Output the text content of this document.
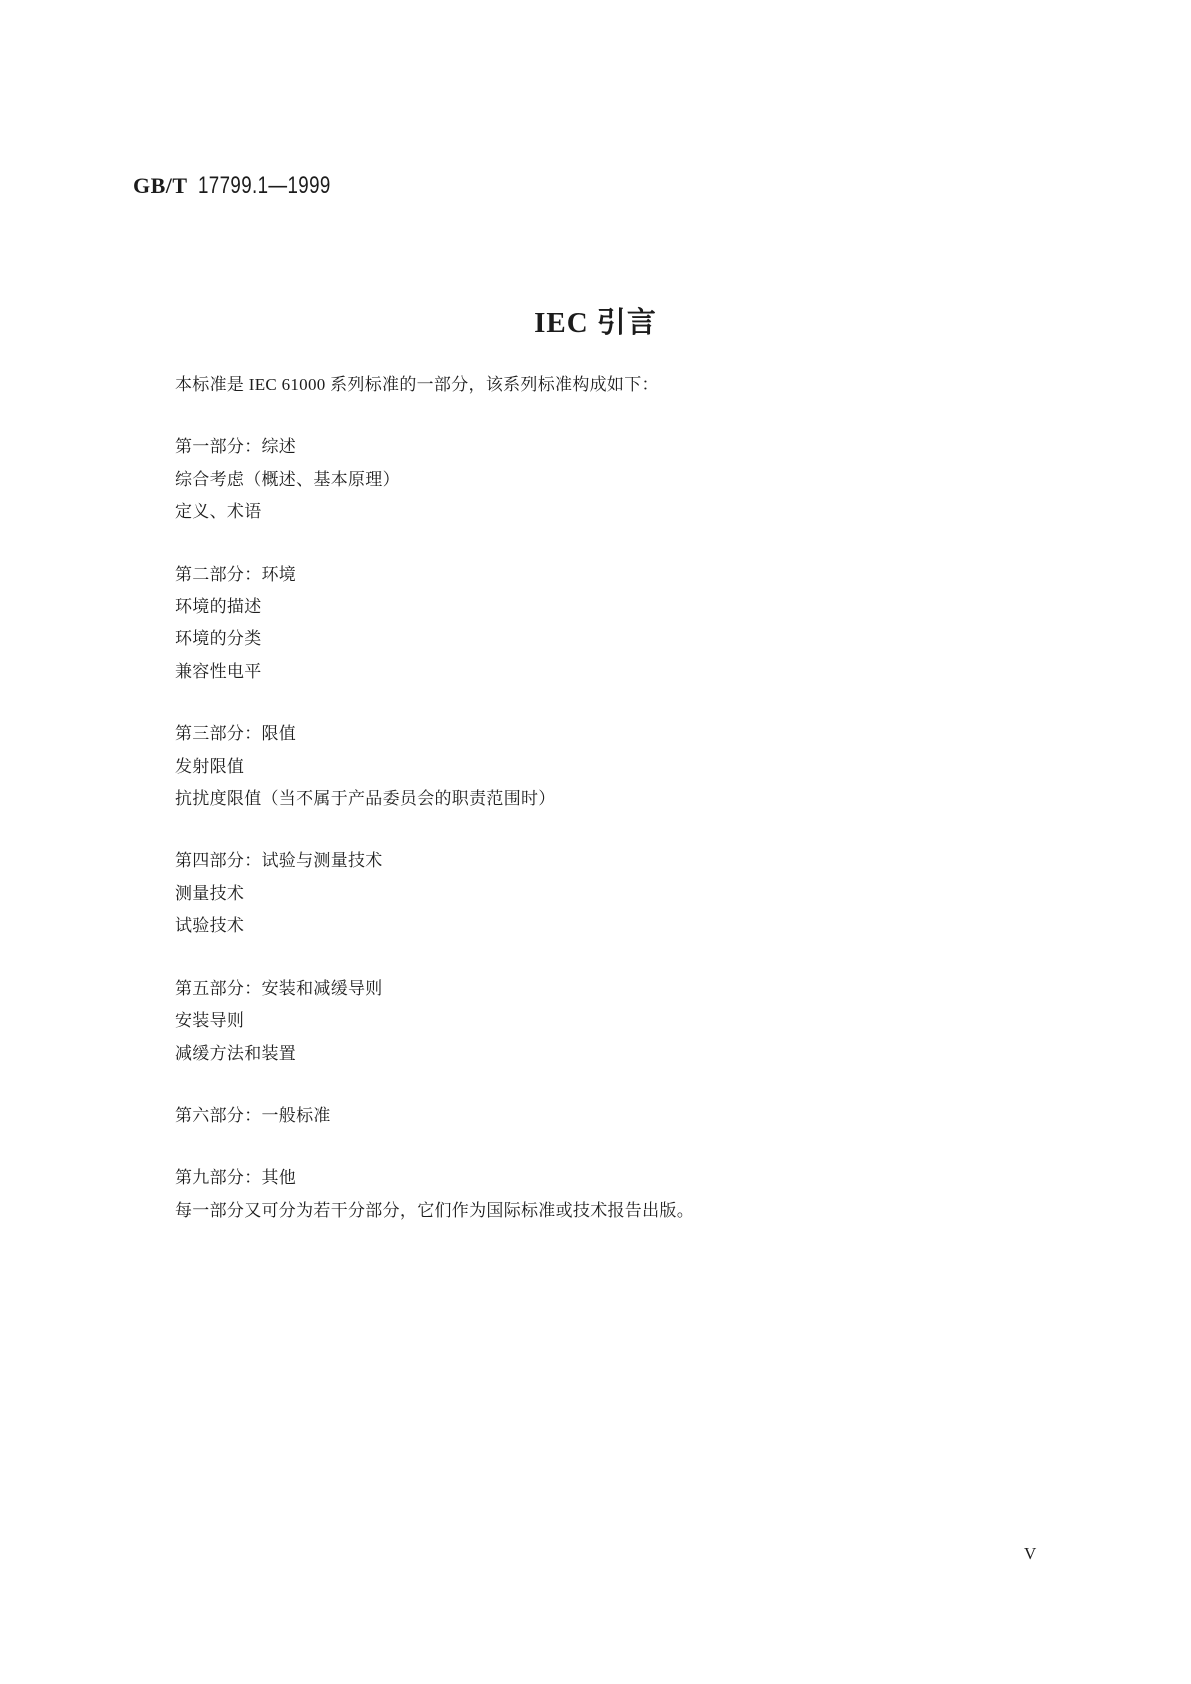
GB/T 17799.1—1999
IEC 引言

本标准是 IEC 61000 系列标准的一部分，该系列标准构成如下：

第一部分：综述

综合考虑（概述、基本原理）

定义、术语

第二部分：环境

环境的描述

环境的分类

兼容性电平

第三部分：限值

发射限值

抗扰度限值（当不属于产品委员会的职责范围时）

第四部分：试验与测量技术

测量技术

试验技术

第五部分：安装和减缓导则

安装导则

减缓方法和装置

第六部分：一般标准

第九部分：其他

每一部分又可分为若干分部分，它们作为国际标准或技术报告出版。

V
